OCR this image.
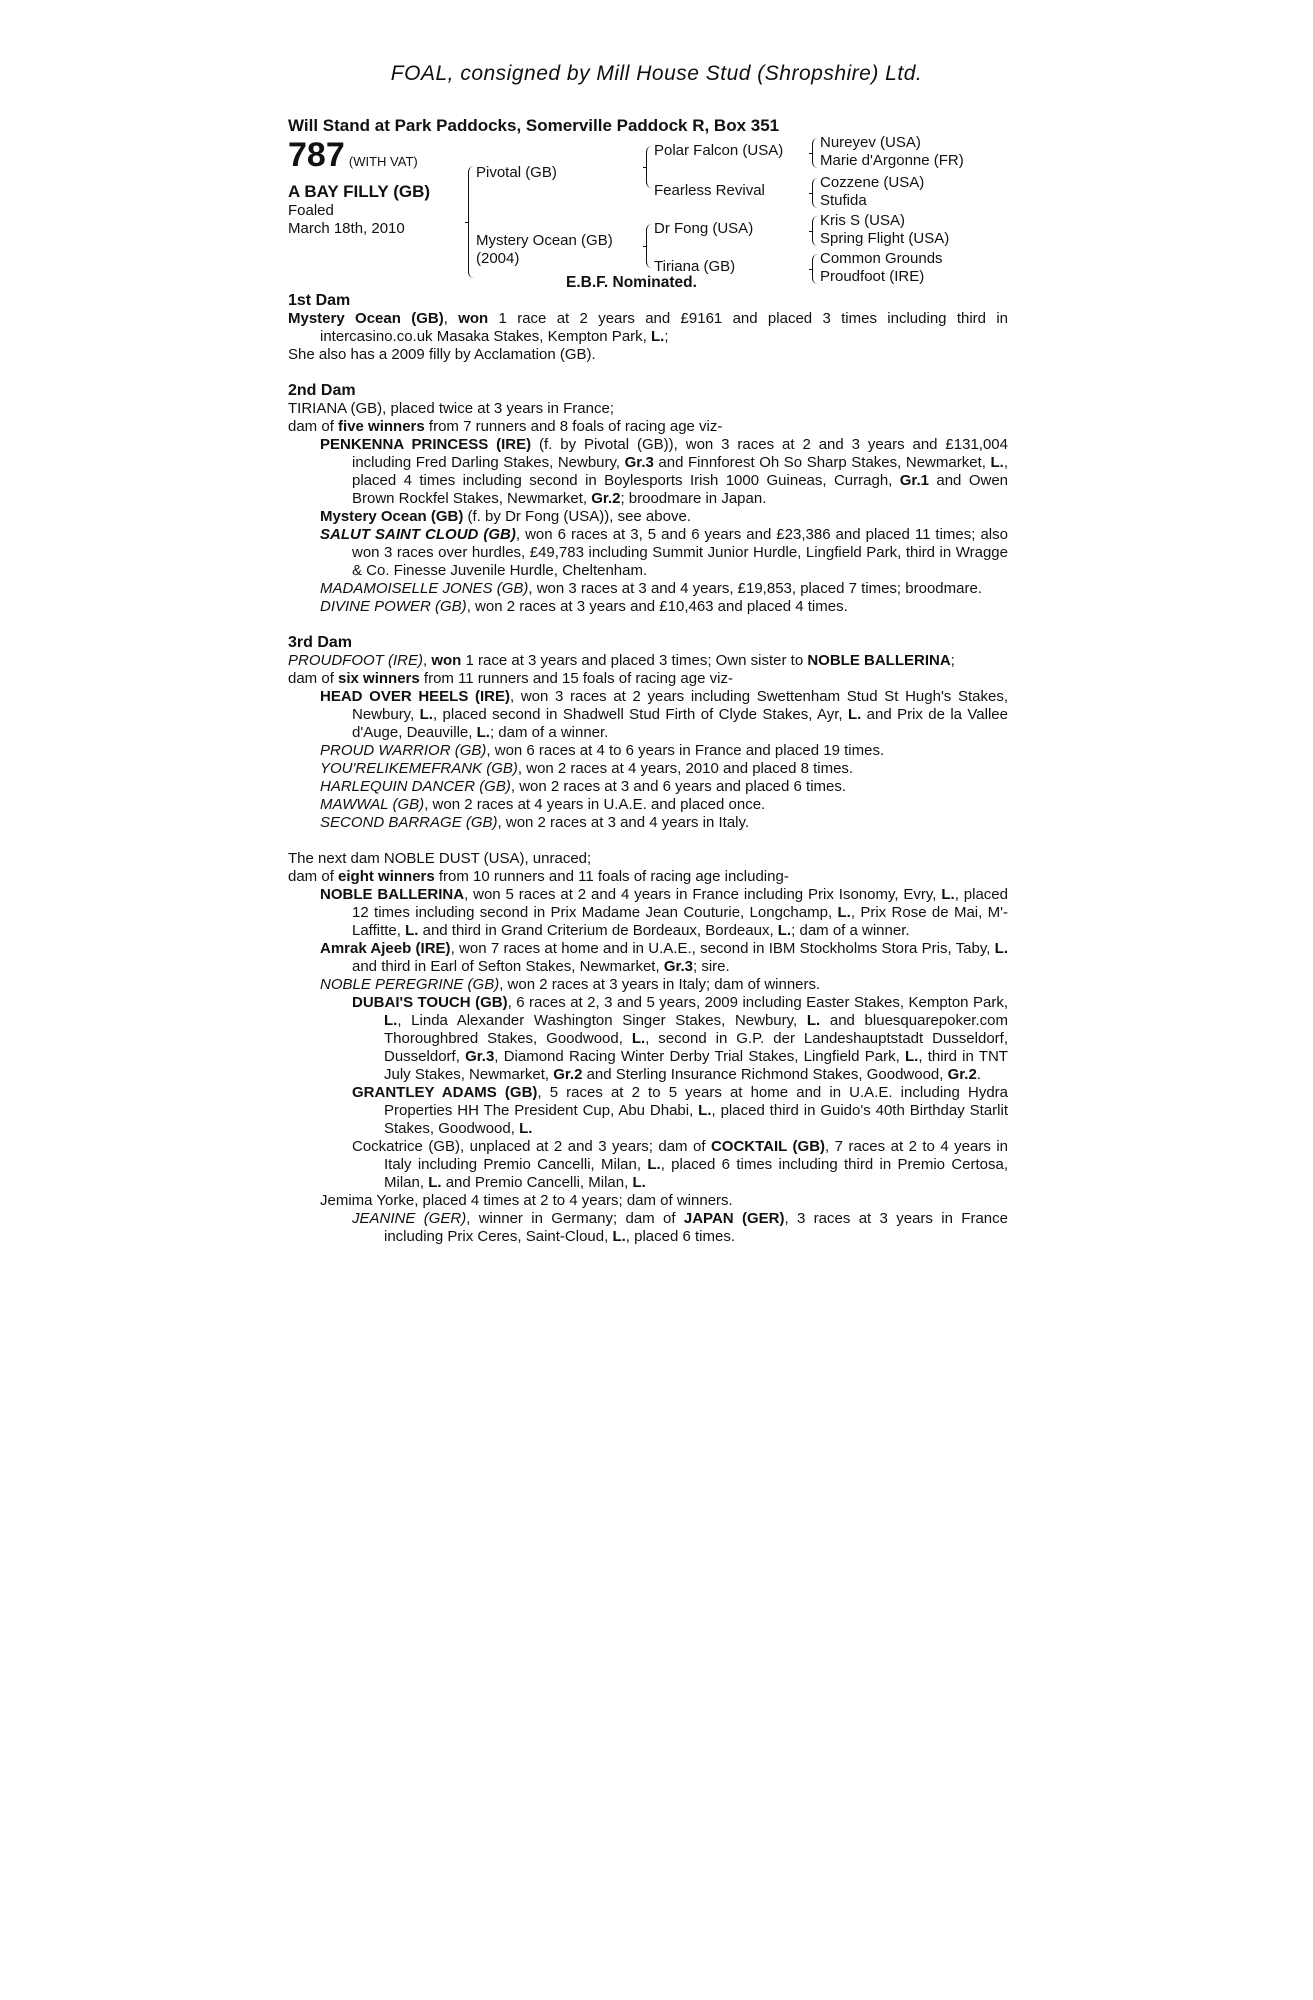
FOAL, consigned by Mill House Stud (Shropshire) Ltd.
Will Stand at Park Paddocks, Somerville Paddock R, Box 351
787 (WITH VAT)
A BAY FILLY (GB)
Foaled
March 18th, 2010
Pivotal (GB)
Mystery Ocean (GB)
(2004)
Polar Falcon (USA)
Fearless Revival
Dr Fong (USA)
Tiriana (GB)
Nureyev (USA)
Marie d'Argonne (FR)
Cozzene (USA)
Stufida
Kris S (USA)
Spring Flight (USA)
Common Grounds
Proudfoot (IRE)
E.B.F. Nominated.
1st Dam

Mystery Ocean (GB), won 1 race at 2 years and £9161 and placed 3 times including third in intercasino.co.uk Masaka Stakes, Kempton Park, L.;

She also has a 2009 filly by Acclamation (GB).

2nd Dam

TIRIANA (GB), placed twice at 3 years in France;

dam of five winners from 7 runners and 8 foals of racing age viz-

PENKENNA PRINCESS (IRE) (f. by Pivotal (GB)), won 3 races at 2 and 3 years and £131,004 including Fred Darling Stakes, Newbury, Gr.3 and Finnforest Oh So Sharp Stakes, Newmarket, L., placed 4 times including second in Boylesports Irish 1000 Guineas, Curragh, Gr.1 and Owen Brown Rockfel Stakes, Newmarket, Gr.2; broodmare in Japan.

Mystery Ocean (GB) (f. by Dr Fong (USA)), see above.

SALUT SAINT CLOUD (GB), won 6 races at 3, 5 and 6 years and £23,386 and placed 11 times; also won 3 races over hurdles, £49,783 including Summit Junior Hurdle, Lingfield Park, third in Wragge & Co. Finesse Juvenile Hurdle, Cheltenham.

MADAMOISELLE JONES (GB), won 3 races at 3 and 4 years, £19,853, placed 7 times; broodmare.

DIVINE POWER (GB), won 2 races at 3 years and £10,463 and placed 4 times.

3rd Dam

PROUDFOOT (IRE), won 1 race at 3 years and placed 3 times; Own sister to NOBLE BALLERINA;

dam of six winners from 11 runners and 15 foals of racing age viz-

HEAD OVER HEELS (IRE), won 3 races at 2 years including Swettenham Stud St Hugh's Stakes, Newbury, L., placed second in Shadwell Stud Firth of Clyde Stakes, Ayr, L. and Prix de la Vallee d'Auge, Deauville, L.; dam of a winner.

PROUD WARRIOR (GB), won 6 races at 4 to 6 years in France and placed 19 times.

YOU'RELIKEMEFRANK (GB), won 2 races at 4 years, 2010 and placed 8 times.

HARLEQUIN DANCER (GB), won 2 races at 3 and 6 years and placed 6 times.

MAWWAL (GB), won 2 races at 4 years in U.A.E. and placed once.

SECOND BARRAGE (GB), won 2 races at 3 and 4 years in Italy.

The next dam NOBLE DUST (USA), unraced;

dam of eight winners from 10 runners and 11 foals of racing age including-

NOBLE BALLERINA, won 5 races at 2 and 4 years in France including Prix Isonomy, Evry, L., placed 12 times including second in Prix Madame Jean Couturie, Longchamp, L., Prix Rose de Mai, M'-Laffitte, L. and third in Grand Criterium de Bordeaux, Bordeaux, L.; dam of a winner.

Amrak Ajeeb (IRE), won 7 races at home and in U.A.E., second in IBM Stockholms Stora Pris, Taby, L. and third in Earl of Sefton Stakes, Newmarket, Gr.3; sire.

NOBLE PEREGRINE (GB), won 2 races at 3 years in Italy; dam of winners.

DUBAI'S TOUCH (GB), 6 races at 2, 3 and 5 years, 2009 including Easter Stakes, Kempton Park, L., Linda Alexander Washington Singer Stakes, Newbury, L. and bluesquarepoker.com Thoroughbred Stakes, Goodwood, L., second in G.P. der Landeshauptstadt Dusseldorf, Dusseldorf, Gr.3, Diamond Racing Winter Derby Trial Stakes, Lingfield Park, L., third in TNT July Stakes, Newmarket, Gr.2 and Sterling Insurance Richmond Stakes, Goodwood, Gr.2.

GRANTLEY ADAMS (GB), 5 races at 2 to 5 years at home and in U.A.E. including Hydra Properties HH The President Cup, Abu Dhabi, L., placed third in Guido's 40th Birthday Starlit Stakes, Goodwood, L.

Cockatrice (GB), unplaced at 2 and 3 years; dam of COCKTAIL (GB), 7 races at 2 to 4 years in Italy including Premio Cancelli, Milan, L., placed 6 times including third in Premio Certosa, Milan, L. and Premio Cancelli, Milan, L.

Jemima Yorke, placed 4 times at 2 to 4 years; dam of winners.

JEANINE (GER), winner in Germany; dam of JAPAN (GER), 3 races at 3 years in France including Prix Ceres, Saint-Cloud, L., placed 6 times.
